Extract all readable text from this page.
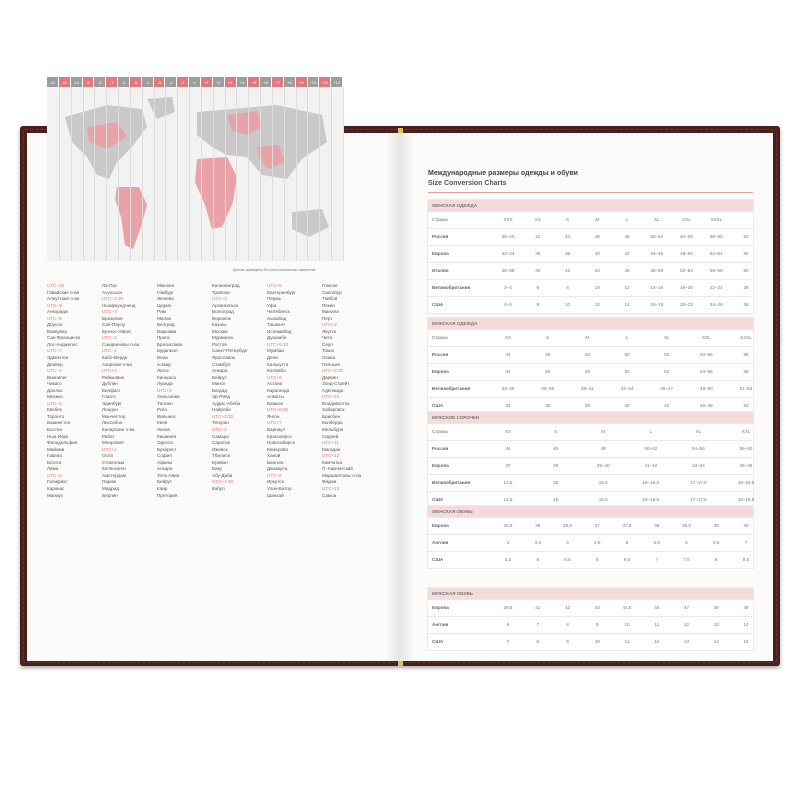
-12	-11	-10	-9	-8	-7	-6	-5	-4	-3	-2	-1	0	+1	+2	+3	+4	+5	+6	+7	+8	+9	+10	+11	+12
Данные приведены без учёта включенных изменений
UTC−10
Гавайские о-ва
Алеутские о-ва
UTC−9
Анкоридж
UTC−8
Доусон
Ванкувер
Сан-Франциско
Лос-Анджелес
UTC−7
Эдмонтон
Денвер
UTC−6
Виннипег
Чикаго
Даллас
Мехико
UTC−5
Квебек
Торонто
Вашингтон
Бостон
Нью-Йорк
Филадельфия
Майами
Гавана
Богота
Лима
UTC−4
Галифакс
Каракас
Манаус
Ла-Пас
Асунсьон
UTC−3:30
Ньюфаундленд
UTC−3
Бразилия
Сан-Паулу
Буэнос-Айрес
UTC−2
Сандвичевы о-ва
UTC−1
Кабо-Верде
Азорские о-ва
UTC+0
Рейкьявик
Дублин
Белфаст
Глазго
Эдинбург
Лондон
Манчестер
Лиссабон
Канарские о-ва
Рабат
Монровия
UTC+1
Осло
Стокгольм
Копенгаген
Амстердам
Париж
Мадрид
Берлин
Мюнхен
Гамбург
Женева
Цюрих
Рим
Милан
Белград
Варшава
Прага
Братислава
Будапешт
Вена
Алжир
Лагос
Киншаса
Луанда
UTC+2
Хельсинки
Таллин
Рига
Вильнюс
Киев
Львов
Кишинёв
Одесса
Бухарест
София
Афины
Анкара
Тель-Авив
Бейрут
Каир
Претория
Калининград
Триполи
UTC+3
Архангельск
Волгоград
Воронеж
Казань
Москва
Мурманск
Ростов
Санкт-Петербург
Ярославль
Стамбул
Анкара
Бейрут
Минск
Багдад
Эр-Рияд
Аддис-Абеба
Найроби
UTC+3:30
Тегеран
UTC+4
Самара
Саратов
Ижевск
Тбилиси
Ереван
Баку
Абу-Даби
UTC+4:30
Кабул
UTC+5
Екатеринбург
Пермь
Уфа
Челябинск
Ашхабад
Ташкент
Исламабад
Душанбе
UTC+5:30
Мумбаи
Дели
Калькутта
Коломбо
UTC+6
Астана
Караганда
Алматы
Бишкек
UTC+6:30
Янгон
UTC+7
Барнаул
Красноярск
Новосибирск
Кемерово
Ханой
Бангкок
Джакарта
UTC+8
Иркутск
Улан-Батор
Шанхай
Гонконг
Сингапур
Тайбэй
Пекин
Манила
Перт
UTC+9
Якутск
Чита
Сеул
Токио
Осака
Пхеньян
UTC+9:30
Дарвин
Зонд-Стрейт
Аделаида
UTC+10
Владивосток
Хабаровск
Брисбен
Канберра
Мельбурн
Сидней
UTC+11
Магадан
UTC+12
Камчатка
П.-Камчатский
Маршалловы о-ва
Фиджи
UTC+13
Самоа
Международные размеры одежды и обуви
Size Conversion Charts
ЖЕНСКАЯ ОДЕЖДА
Страна	XXS	XS	S	M	L	XL	XXL	XXXL
Россия	38–40	42	44	46	48	50–52	54–56	58–60	62
Европа	32–34	36	38	40	42	44–46	48–50	52–54	56
Италия	36–38	40	42	44	46	48–50	52–54	56–58	60
Великобритания	2–4	6	8	10	12	14–16	18–20	22–24	26
США	4–6	8	10	12	14	16–18	20–22	24–26	28
МУЖСКАЯ ОДЕЖДА
Страна	XS	S	M	L	XL	XXL	XXXL
Россия	44	46	48	50	52	54–56	58
Европа	44	46	48	50	52	54–56	58
Великобритания	33–35	36–38	39–41	42–44	45–47	48–50	51–53
США	34	36	38	40	42	46–48	52
МУЖСКИЕ СОРОЧКИ
Страна	XS	S	M	L	XL	XXL
Россия	44	46	48	50–52	54–56	58–60
Европа	37	38	39–40	41–42	43–44	45–46
Великобритания	14,5	15	15,5	16–16,5	17–17,5	18–18,5
США	14,5	15	15,5	16–16,5	17–17,5	18–18,5
ЖЕНСКАЯ ОБУВЬ
Европа	35,5	36	36,5	37	37,5	38	38,5	39	40
Англия	3	3,5	4	4,5	5	5,5	6	6,5	7
США	4,5	5	5,5	6	6,5	7	7,5	8	8,5
МУЖСКАЯ ОБУВЬ
Европа	39,5	41	42	43	44,5	46	47	48	49
Англия	6	7	8	9	10	11	12	13	14
США	7	8	9	10	11	12	13	14	15
